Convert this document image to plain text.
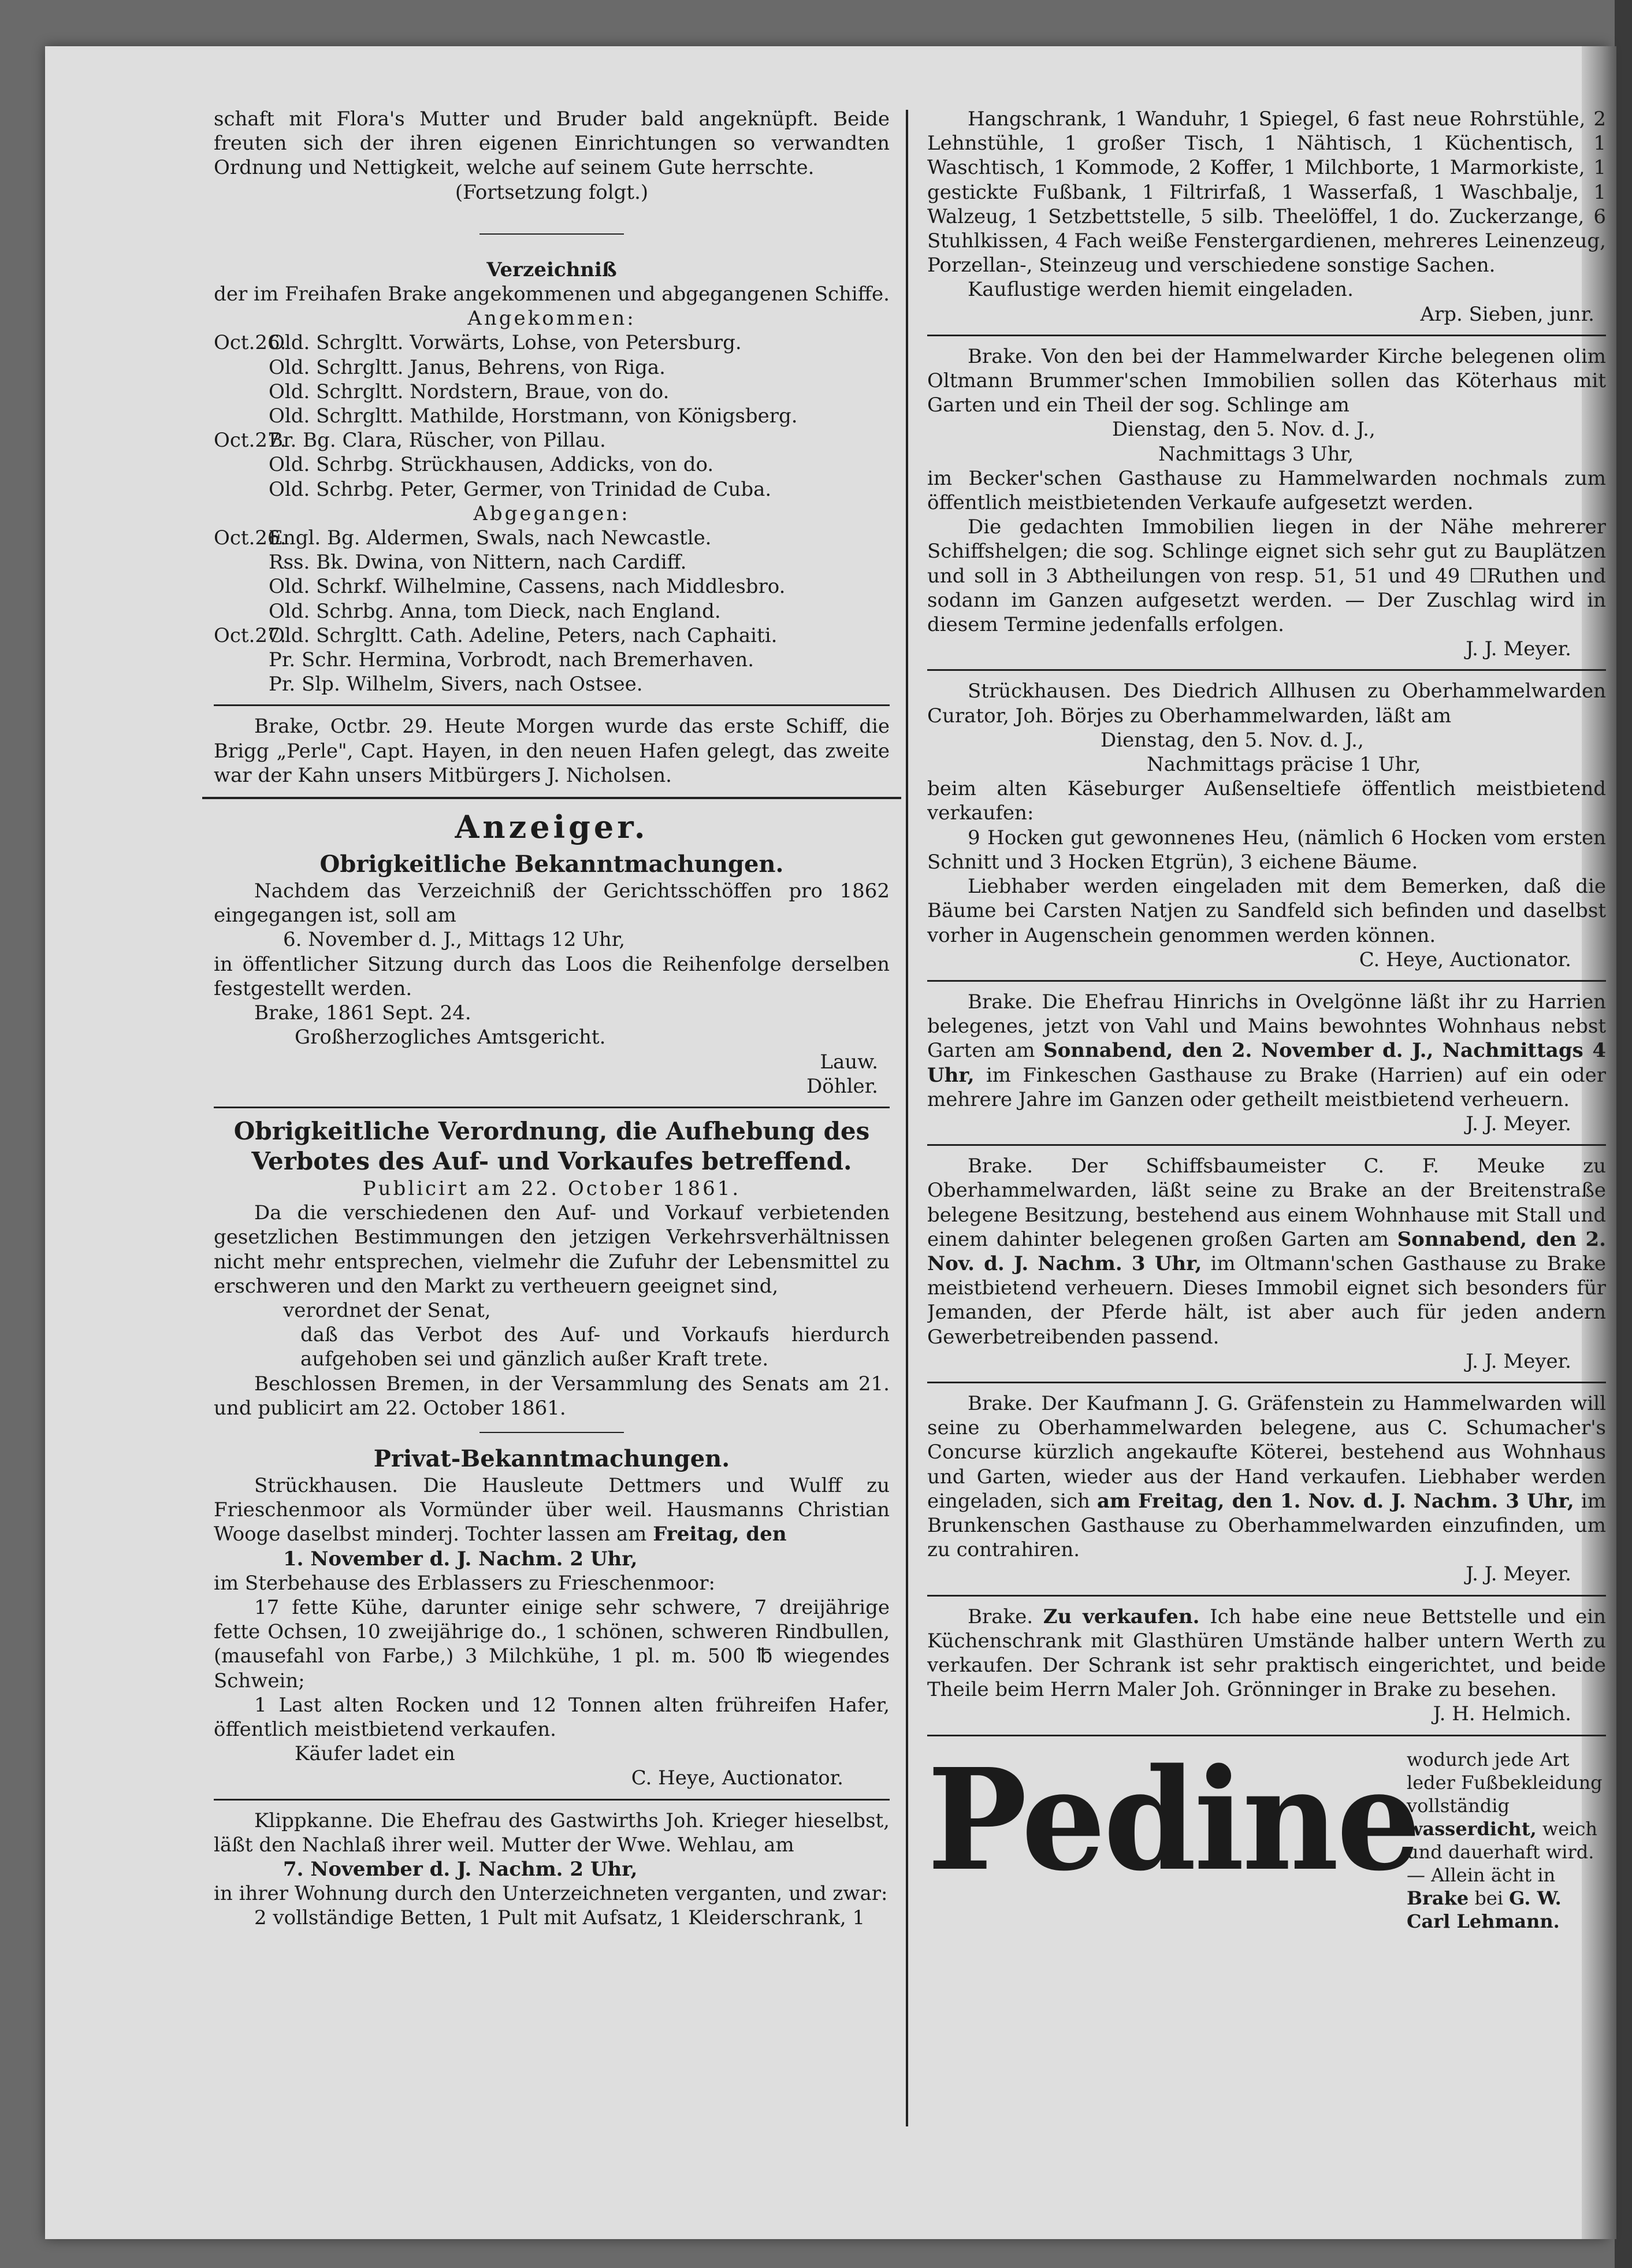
schaft mit Flora's Mutter und Bruder bald angeknüpft. Beide freuten sich der ihren eigenen Einrichtungen so verwandten Ordnung und Nettigkeit, welche auf seinem Gute herrschte.

(Fortsetzung folgt.)

Verzeichniß
der im Freihafen Brake angekommenen und abgegangenen Schiffe.
Angekommen:
Oct.26.Old. Schrgltt. Vorwärts, Lohse, von Petersburg.
Old. Schrgltt. Janus, Behrens, von Riga.
Old. Schrgltt. Nordstern, Braue, von do.
Old. Schrgltt. Mathilde, Horstmann, von Königsberg.
Oct.27.Br. Bg. Clara, Rüscher, von Pillau.
Old. Schrbg. Strückhausen, Addicks, von do.
Old. Schrbg. Peter, Germer, von Trinidad de Cuba.
Abgegangen:
Oct.26.Engl. Bg. Aldermen, Swals, nach Newcastle.
Rss. Bk. Dwina, von Nittern, nach Cardiff.
Old. Schrkf. Wilhelmine, Cassens, nach Middlesbro.
Old. Schrbg. Anna, tom Dieck, nach England.
Oct.27.Old. Schrgltt. Cath. Adeline, Peters, nach Caphaiti.
Pr. Schr. Hermina, Vorbrodt, nach Bremerhaven.
Pr. Slp. Wilhelm, Sivers, nach Ostsee.

Brake, Octbr. 29. Heute Morgen wurde das erste Schiff, die Brigg „Perle", Capt. Hayen, in den neuen Hafen gelegt, das zweite war der Kahn unsers Mitbürgers J. Nicholsen.

Anzeiger.
Obrigkeitliche Bekanntmachungen.

Nachdem das Verzeichniß der Gerichtsschöffen pro 1862 eingegangen ist, soll am

6. November d. J., Mittags 12 Uhr,

in öffentlicher Sitzung durch das Loos die Reihenfolge derselben festgestellt werden.

Brake, 1861 Sept. 24.
Großherzogliches Amtsgericht.
Lauw.
Döhler.
Obrigkeitliche Verordnung, die Aufhebung des Verbotes des Auf- und Vorkaufes betreffend.
Publicirt am 22. October 1861.

Da die verschiedenen den Auf- und Vorkauf verbietenden gesetzlichen Bestimmungen den jetzigen Verkehrsverhältnissen nicht mehr entsprechen, vielmehr die Zufuhr der Lebensmittel zu erschweren und den Markt zu vertheuern geeignet sind,

verordnet der Senat,

daß das Verbot des Auf- und Vorkaufs hierdurch aufgehoben sei und gänzlich außer Kraft trete.

Beschlossen Bremen, in der Versammlung des Senats am 21. und publicirt am 22. October 1861.

Privat-Bekanntmachungen.

Strückhausen. Die Hausleute Dettmers und Wulff zu Frieschenmoor als Vormünder über weil. Hausmanns Christian Wooge daselbst minderj. Tochter lassen am Freitag, den

1. November d. J. Nachm. 2 Uhr,

im Sterbehause des Erblassers zu Frieschenmoor:

17 fette Kühe, darunter einige sehr schwere, 7 dreijährige fette Ochsen, 10 zweijährige do., 1 schönen, schweren Rindbullen, (mausefahl von Farbe,) 3 Milchkühe, 1 pl. m. 500 ℔ wiegendes Schwein;

1 Last alten Rocken und 12 Tonnen alten frühreifen Hafer, öffentlich meistbietend verkaufen.

Käufer ladet ein
C. Heye, Auctionator.

Klippkanne. Die Ehefrau des Gastwirths Joh. Krieger hieselbst, läßt den Nachlaß ihrer weil. Mutter der Wwe. Wehlau, am

7. November d. J. Nachm. 2 Uhr,

in ihrer Wohnung durch den Unterzeichneten verganten, und zwar:

2 vollständige Betten, 1 Pult mit Aufsatz, 1 Kleiderschrank, 1

Hangschrank, 1 Wanduhr, 1 Spiegel, 6 fast neue Rohrstühle, 2 Lehnstühle, 1 großer Tisch, 1 Nähtisch, 1 Küchentisch, 1 Waschtisch, 1 Kommode, 2 Koffer, 1 Milchborte, 1 Marmorkiste, 1 gestickte Fußbank, 1 Filtrirfaß, 1 Wasserfaß, 1 Waschbalje, 1 Walzeug, 1 Setzbettstelle, 5 silb. Theelöffel, 1 do. Zuckerzange, 6 Stuhlkissen, 4 Fach weiße Fenstergardienen, mehreres Leinenzeug, Porzellan-, Steinzeug und verschiedene sonstige Sachen.

Kauflustige werden hiemit eingeladen.
Arp. Sieben, junr.

Brake. Von den bei der Hammelwarder Kirche belegenen olim Oltmann Brummer'schen Immobilien sollen das Köterhaus mit Garten und ein Theil der sog. Schlinge am

Dienstag, den 5. Nov. d. J.,
Nachmittags 3 Uhr,

im Becker'schen Gasthause zu Hammelwarden nochmals zum öffentlich meistbietenden Verkaufe aufgesetzt werden.

Die gedachten Immobilien liegen in der Nähe mehrerer Schiffshelgen; die sog. Schlinge eignet sich sehr gut zu Bauplätzen und soll in 3 Abtheilungen von resp. 51, 51 und 49 ☐Ruthen und sodann im Ganzen aufgesetzt werden. — Der Zuschlag wird in diesem Termine jedenfalls erfolgen.

J. J. Meyer.

Strückhausen. Des Diedrich Allhusen zu Oberhammelwarden Curator, Joh. Börjes zu Oberhammelwarden, läßt am

Dienstag, den 5. Nov. d. J.,
Nachmittags präcise 1 Uhr,

beim alten Käseburger Außenseltiefe öffentlich meistbietend verkaufen:

9 Hocken gut gewonnenes Heu, (nämlich 6 Hocken vom ersten Schnitt und 3 Hocken Etgrün), 3 eichene Bäume.

Liebhaber werden eingeladen mit dem Bemerken, daß die Bäume bei Carsten Natjen zu Sandfeld sich befinden und daselbst vorher in Augenschein genommen werden können.

C. Heye, Auctionator.

Brake. Die Ehefrau Hinrichs in Ovelgönne läßt ihr zu Harrien belegenes, jetzt von Vahl und Mains bewohntes Wohnhaus nebst Garten am Sonnabend, den 2. November d. J., Nachmittags 4 Uhr, im Finkeschen Gasthause zu Brake (Harrien) auf ein oder mehrere Jahre im Ganzen oder getheilt meistbietend verheuern.

J. J. Meyer.

Brake. Der Schiffsbaumeister C. F. Meuke zu Oberhammelwarden, läßt seine zu Brake an der Breitenstraße belegene Besitzung, bestehend aus einem Wohnhause mit Stall und einem dahinter belegenen großen Garten am Sonnabend, den 2. Nov. d. J. Nachm. 3 Uhr, im Oltmann'schen Gasthause zu Brake meistbietend verheuern. Dieses Immobil eignet sich besonders für Jemanden, der Pferde hält, ist aber auch für jeden andern Gewerbetreibenden passend.

J. J. Meyer.

Brake. Der Kaufmann J. G. Gräfenstein zu Hammelwarden will seine zu Oberhammelwarden belegene, aus C. Schumacher's Concurse kürzlich angekaufte Köterei, bestehend aus Wohnhaus und Garten, wieder aus der Hand verkaufen. Liebhaber werden eingeladen, sich am Freitag, den 1. Nov. d. J. Nachm. 3 Uhr, im Brunkenschen Gasthause zu Oberhammelwarden einzufinden, um zu contrahiren.

J. J. Meyer.

Brake. Zu verkaufen. Ich habe eine neue Bettstelle und ein Küchenschrank mit Glasthüren Umstände halber untern Werth zu verkaufen. Der Schrank ist sehr praktisch eingerichtet, und beide Theile beim Herrn Maler Joh. Grönninger in Brake zu besehen.

J. H. Helmich.
Pedine
wodurch jede Art leder Fußbekleidung vollständig wasserdicht, weich und dauerhaft wird. — Allein ächt in Brake bei G. W. Carl Lehmann.
